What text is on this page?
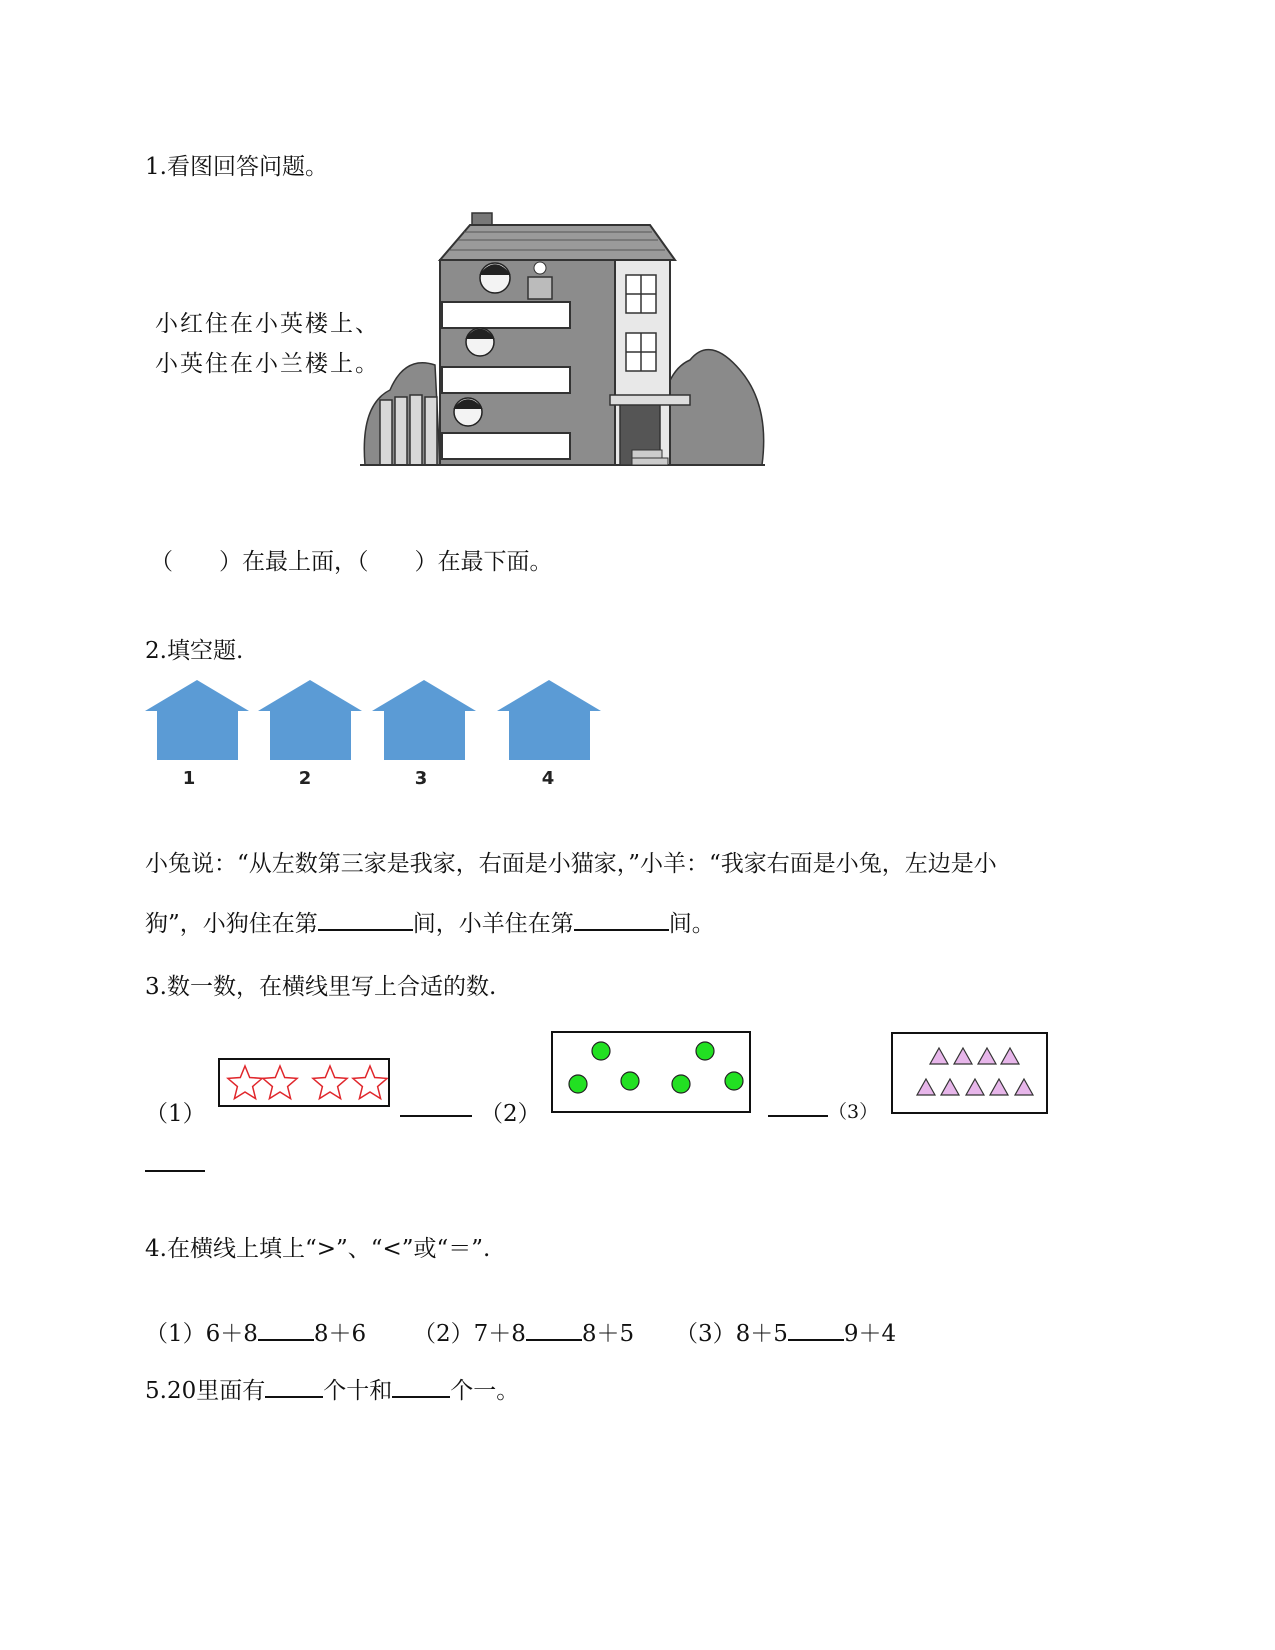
1.看图回答问题。
小红住在小英楼上、
小英住在小兰楼上。
（　　）在最上面，（　　）在最下面。
2.填空题.
1	2	3	4
小兔说：“从左数第三家是我家，右面是小猫家，”小羊：“我家右面是小兔，左边是小
狗”，小狗住在第	间，小羊住在第	间。
3.数一数，在横线里写上合适的数.
（1）	（2）	（3）
4.在横线上填上“>”、“<”或“＝”.
（1）6＋8 8＋6 （2）7＋8 8＋5 （3）8＋5 9＋4
5.20里面有	个十和	个一。
